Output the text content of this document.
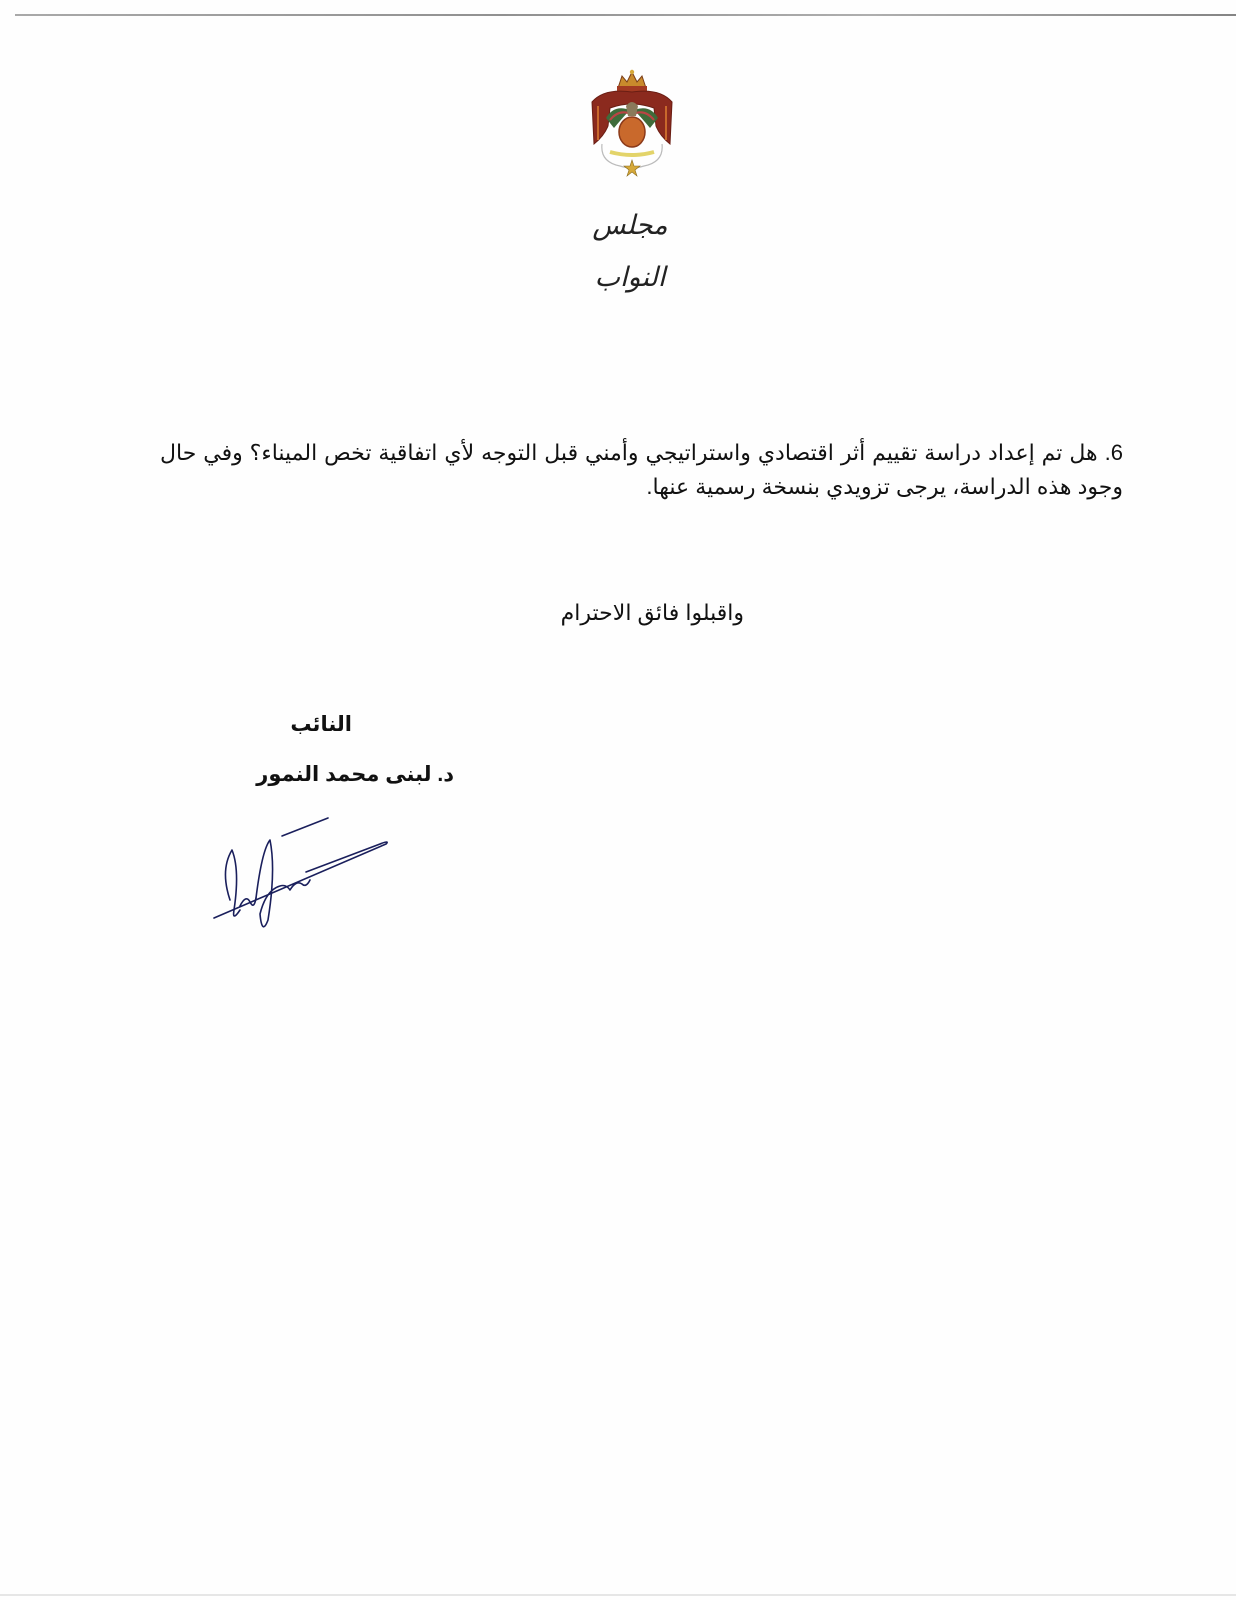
مجلس النواب
6. هل تم إعداد دراسة تقييم أثر اقتصادي واستراتيجي وأمني قبل التوجه لأي اتفاقية تخص الميناء؟ وفي حال وجود هذه الدراسة، يرجى تزويدي بنسخة رسمية عنها.
واقبلوا فائق الاحترام
النائب
د. لبنى محمد النمور
